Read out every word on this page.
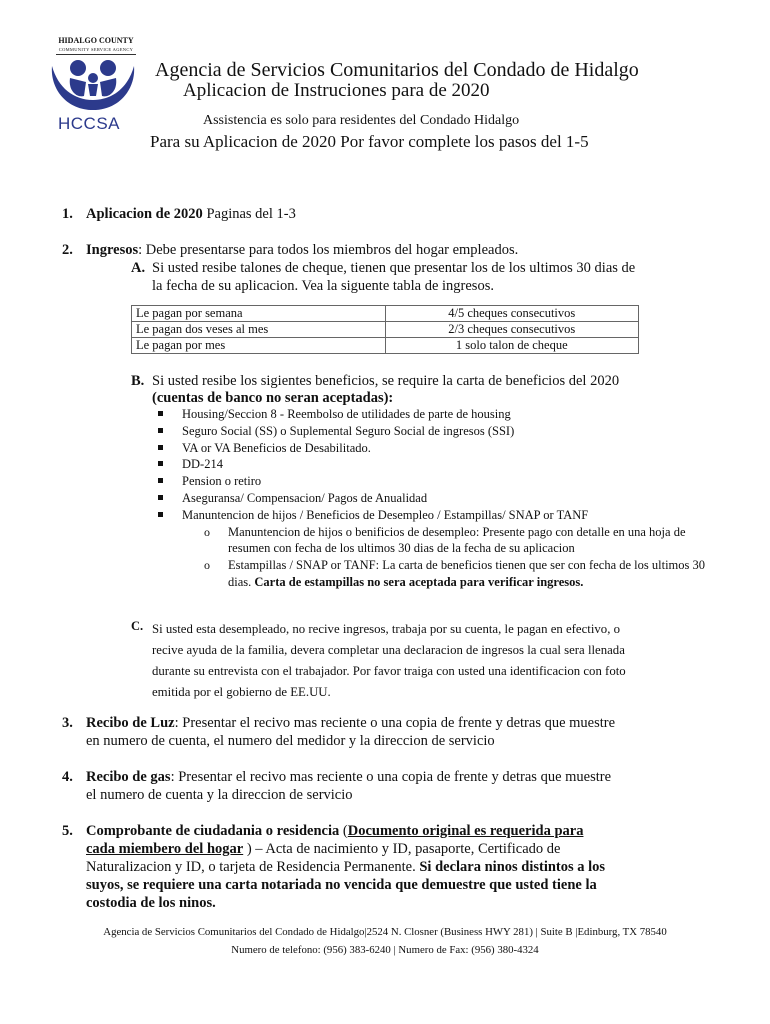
HIDALGO COUNTY
COMMUNITY SERVICE AGENCY
HCCSA
Agencia de Servicios Comunitarios del Condado de Hidalgo
Aplicacion de Instruciones para de 2020
Assistencia es solo para residentes del Condado Hidalgo
Para su Aplicacion de 2020 Por favor complete los pasos del 1-5
1. Aplicacion de 2020 Paginas del 1-3
2. Ingresos: Debe presentarse para todos los miembros del hogar empleados.
A. Si usted resibe talones de cheque, tienen que presentar los de los ultimos 30 dias de
la fecha de su aplicacion. Vea la siguente tabla de ingresos.
Le pagan por semana	4/5 cheques consecutivos
Le pagan dos veses al mes	2/3 cheques consecutivos
Le pagan por mes	1 solo talon de cheque
B. Si usted resibe los sigientes beneficios, se require la carta de beneficios del 2020
(cuentas de banco no seran aceptadas):
Housing/Seccion 8 - Reembolso de utilidades de parte de housing
Seguro Social (SS) o Suplemental Seguro Social de ingresos (SSI)
VA or VA Beneficios de Desabilitado.
DD-214
Pension o retiro
Aseguransa/ Compensacion/ Pagos de Anualidad
Manuntencion de hijos / Beneficios de Desempleo / Estampillas/ SNAP or TANF
o Manuntencion de hijos o benificios de desempleo: Presente pago con detalle en una hoja de resumen con fecha de los ultimos 30 dias de la fecha de su aplicacion
o Estampillas / SNAP or TANF: La carta de beneficios tienen que ser con fecha de los ultimos 30 dias. Carta de estampillas no sera aceptada para verificar ingresos.
C. Si usted esta desempleado, no recive ingresos, trabaja por su cuenta, le pagan en efectivo, o
recive ayuda de la familia, devera completar una declaracion de ingresos la cual sera llenada
durante su entrevista con el trabajador. Por favor traiga con usted una identificacion con foto
emitida por el gobierno de EE.UU.
3. Recibo de Luz: Presentar el recivo mas reciente o una copia de frente y detras que muestre
en numero de cuenta, el numero del medidor y la direccion de servicio
4. Recibo de gas: Presentar el recivo mas reciente o una copia de frente y detras que muestre
el numero de cuenta y la direccion de servicio
5. Comprobante de ciudadania o residencia (Documento original es requerida para
cada miembero del hogar ) – Acta de nacimiento y ID, pasaporte, Certificado de
Naturalizacion y ID, o tarjeta de Residencia Permanente. Si declara ninos distintos a los
suyos, se requiere una carta notariada no vencida que demuestre que usted tiene la
costodia de los ninos.
Agencia de Servicios Comunitarios del Condado de Hidalgo|2524 N. Closner (Business HWY 281) | Suite B |Edinburg, TX 78540
Numero de telefono: (956) 383-6240 | Numero de Fax: (956) 380-4324
